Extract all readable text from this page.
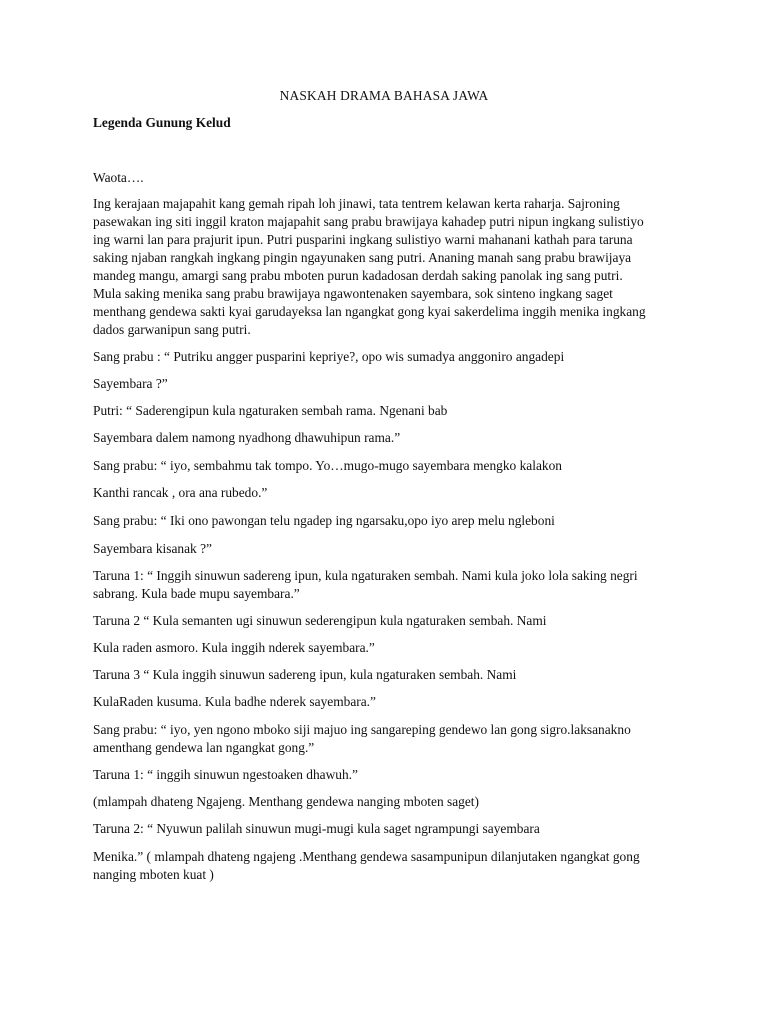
NASKAH DRAMA BAHASA JAWA
Legenda Gunung Kelud
Waota….
Ing kerajaan majapahit kang gemah ripah loh jinawi, tata tentrem kelawan kerta raharja. Sajroning
pasewakan ing siti inggil kraton majapahit sang prabu brawijaya kahadep putri nipun ingkang sulistiyo
ing warni lan para prajurit ipun. Putri pusparini ingkang sulistiyo warni mahanani kathah para taruna
saking njaban rangkah ingkang pingin ngayunaken sang putri. Ananing manah sang prabu brawijaya
mandeg mangu, amargi sang prabu mboten purun kadadosan derdah saking panolak ing sang putri.
Mula saking menika sang prabu brawijaya ngawontenaken sayembara, sok sinteno ingkang saget
menthang gendewa sakti kyai garudayeksa lan ngangkat gong kyai sakerdelima inggih menika ingkang
dados garwanipun sang putri.
Sang prabu : “ Putriku angger pusparini kepriye?, opo wis sumadya anggoniro angadepi
Sayembara ?”
Putri: “ Saderengipun kula ngaturaken sembah rama. Ngenani bab
Sayembara dalem namong nyadhong dhawuhipun rama.”
Sang prabu: “ iyo, sembahmu tak tompo. Yo…mugo-mugo sayembara mengko kalakon
Kanthi rancak , ora ana rubedo.”
Sang prabu: “ Iki ono pawongan telu ngadep ing ngarsaku,opo iyo arep melu ngleboni
Sayembara kisanak ?”
Taruna 1: “ Inggih sinuwun sadereng ipun, kula ngaturaken sembah. Nami kula joko lola saking negri
sabrang. Kula bade mupu sayembara.”
Taruna 2 “ Kula semanten ugi sinuwun sederengipun kula ngaturaken sembah. Nami
Kula raden asmoro. Kula inggih nderek sayembara.”
Taruna 3 “ Kula inggih sinuwun sadereng ipun, kula ngaturaken sembah. Nami
KulaRaden kusuma. Kula badhe nderek sayembara.”
Sang prabu: “ iyo, yen ngono mboko siji majuo ing sangareping gendewo lan gong sigro.laksanakno
amenthang gendewa lan ngangkat gong.”
Taruna 1: “ inggih sinuwun ngestoaken dhawuh.”
(mlampah dhateng Ngajeng. Menthang gendewa nanging mboten saget)
Taruna 2: “ Nyuwun palilah sinuwun mugi-mugi kula saget ngrampungi sayembara
Menika.” ( mlampah dhateng ngajeng .Menthang gendewa sasampunipun dilanjutaken ngangkat gong
nanging mboten kuat )
